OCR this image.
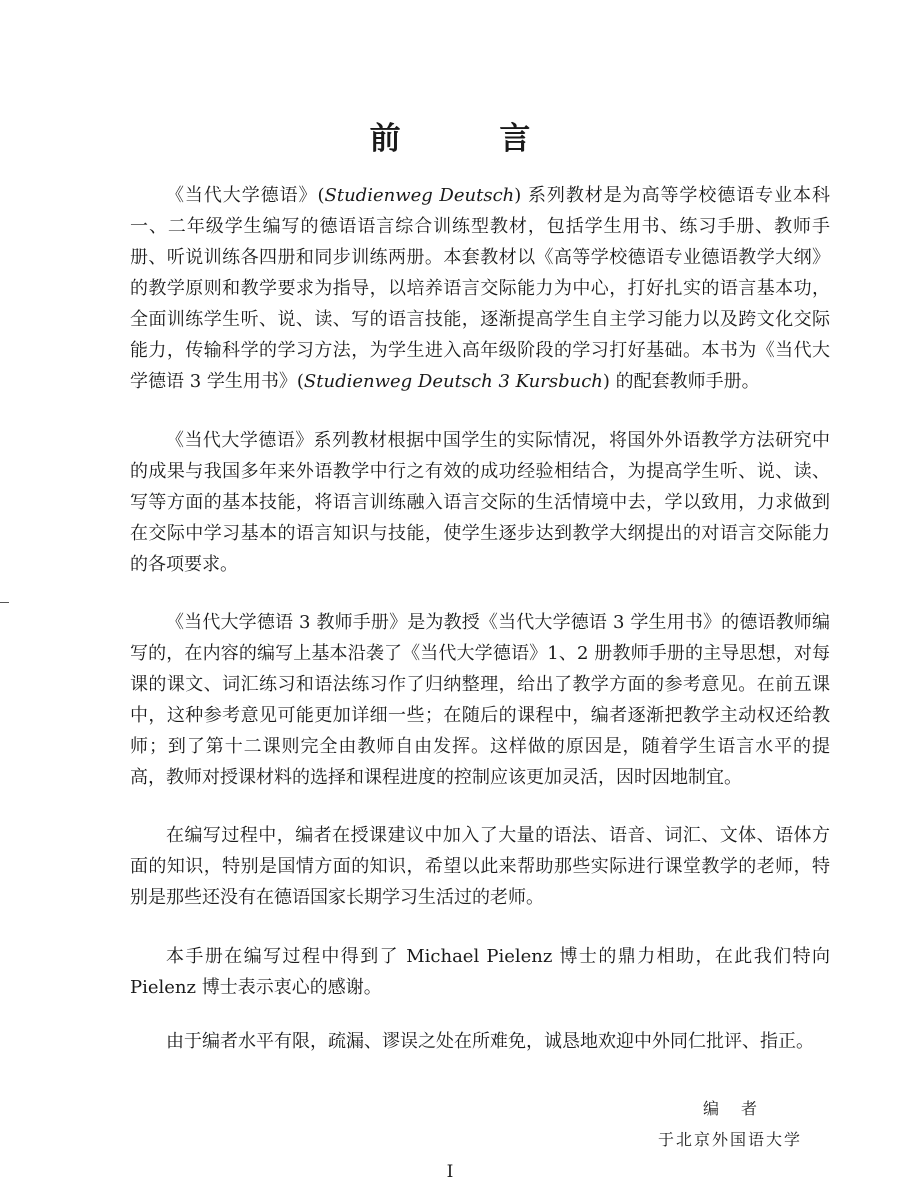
前 言

《当代大学德语》(Studienweg Deutsch) 系列教材是为高等学校德语专业本科一、二年级学生编写的德语语言综合训练型教材，包括学生用书、练习手册、教师手册、听说训练各四册和同步训练两册。本套教材以《高等学校德语专业德语教学大纲》的教学原则和教学要求为指导，以培养语言交际能力为中心，打好扎实的语言基本功，全面训练学生听、说、读、写的语言技能，逐渐提高学生自主学习能力以及跨文化交际能力，传输科学的学习方法，为学生进入高年级阶段的学习打好基础。本书为《当代大学德语 3 学生用书》(Studienweg Deutsch 3 Kursbuch) 的配套教师手册。

《当代大学德语》系列教材根据中国学生的实际情况，将国外外语教学方法研究中的成果与我国多年来外语教学中行之有效的成功经验相结合，为提高学生听、说、读、写等方面的基本技能，将语言训练融入语言交际的生活情境中去，学以致用，力求做到在交际中学习基本的语言知识与技能，使学生逐步达到教学大纲提出的对语言交际能力的各项要求。

《当代大学德语 3 教师手册》是为教授《当代大学德语 3 学生用书》的德语教师编写的，在内容的编写上基本沿袭了《当代大学德语》1、2 册教师手册的主导思想，对每课的课文、词汇练习和语法练习作了归纳整理，给出了教学方面的参考意见。在前五课中，这种参考意见可能更加详细一些；在随后的课程中，编者逐渐把教学主动权还给教师；到了第十二课则完全由教师自由发挥。这样做的原因是，随着学生语言水平的提高，教师对授课材料的选择和课程进度的控制应该更加灵活，因时因地制宜。

在编写过程中，编者在授课建议中加入了大量的语法、语音、词汇、文体、语体方面的知识，特别是国情方面的知识，希望以此来帮助那些实际进行课堂教学的老师，特别是那些还没有在德语国家长期学习生活过的老师。

本手册在编写过程中得到了 Michael Pielenz 博士的鼎力相助，在此我们特向 Pielenz 博士表示衷心的感谢。

由于编者水平有限，疏漏、谬误之处在所难免，诚恳地欢迎中外同仁批评、指正。

编者
于北京外国语大学
I
